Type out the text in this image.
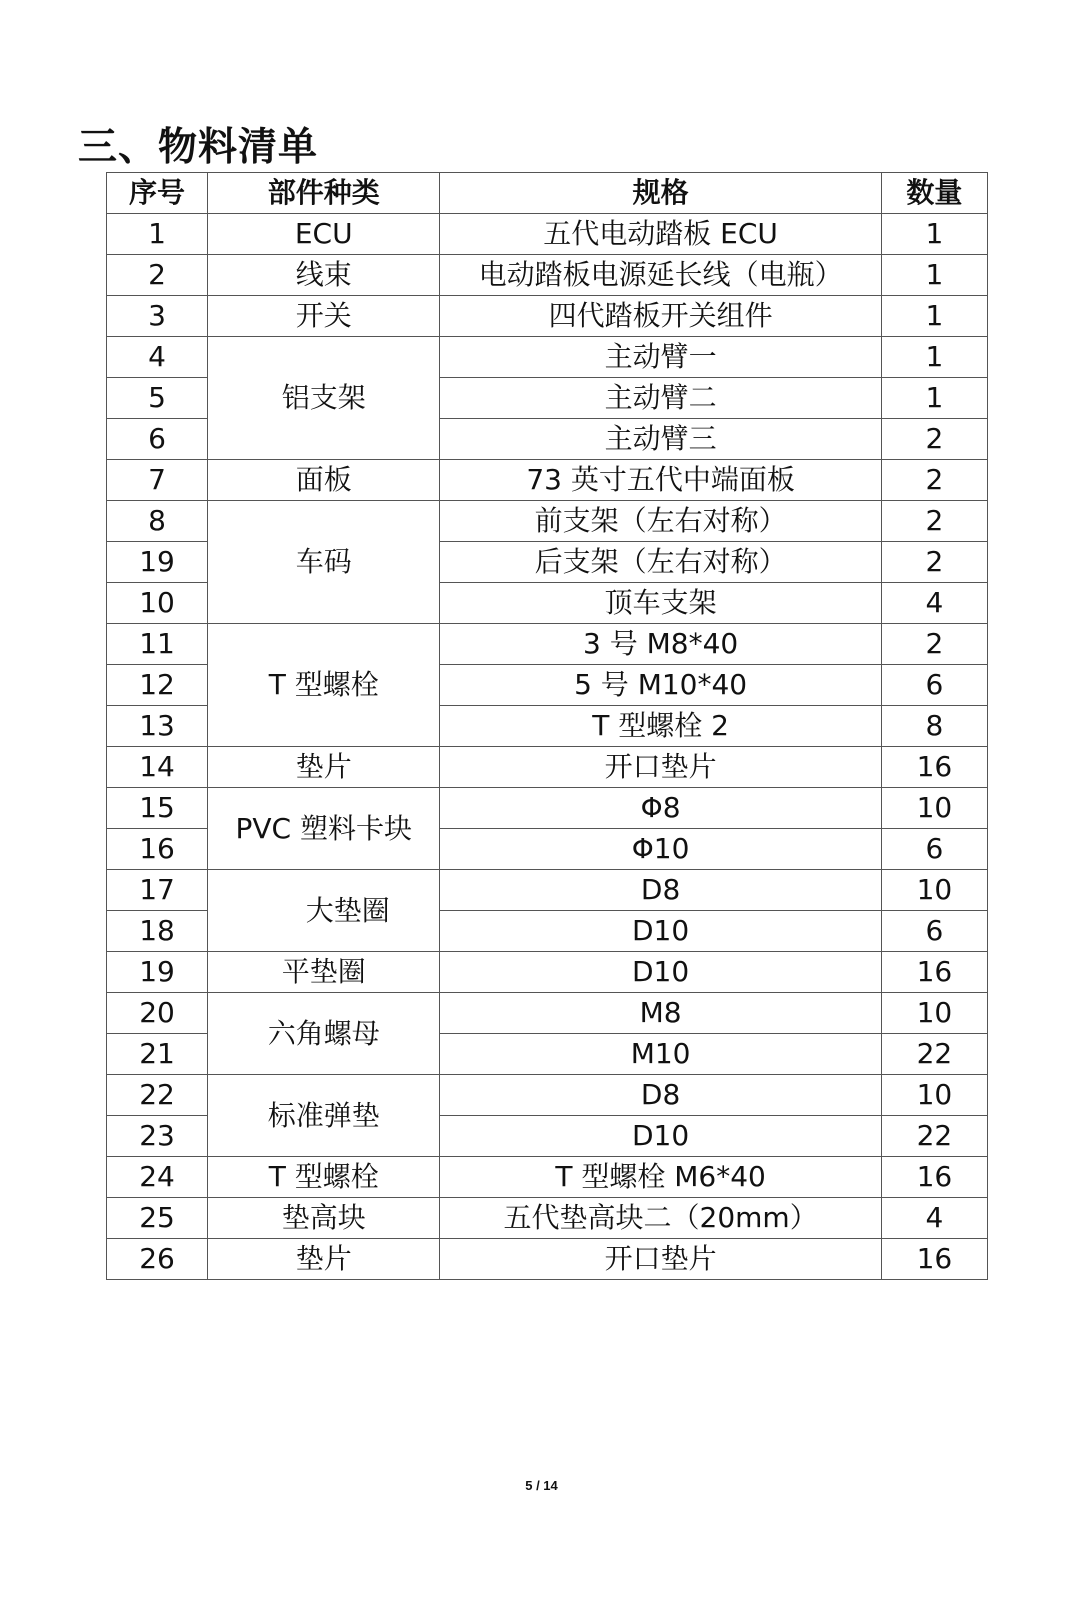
三、物料清单
序号	部件种类	规格	数量
1	ECU	五代电动踏板 ECU	1
2	线束	电动踏板电源延长线（电瓶）	1
3	开关	四代踏板开关组件	1
4	铝支架	主动臂一	1
5		主动臂二	1
6		主动臂三	2
7	面板	73 英寸五代中端面板	2
8	车码	前支架（左右对称）	2
19		后支架（左右对称）	2
10		顶车支架	4
11	T 型螺栓	3 号 M8*40	2
12		5 号 M10*40	6
13		T 型螺栓 2	8
14	垫片	开口垫片	16
15	PVC 塑料卡块	Φ8	10
16		Φ10	6
17	大垫圈	D8	10
18		D10	6
19	平垫圈	D10	16
20	六角螺母	M8	10
21		M10	22
22	标准弹垫	D8	10
23		D10	22
24	T 型螺栓	T 型螺栓 M6*40	16
25	垫高块	五代垫高块二（20mm）	4
26	垫片	开口垫片	16
5 / 14
